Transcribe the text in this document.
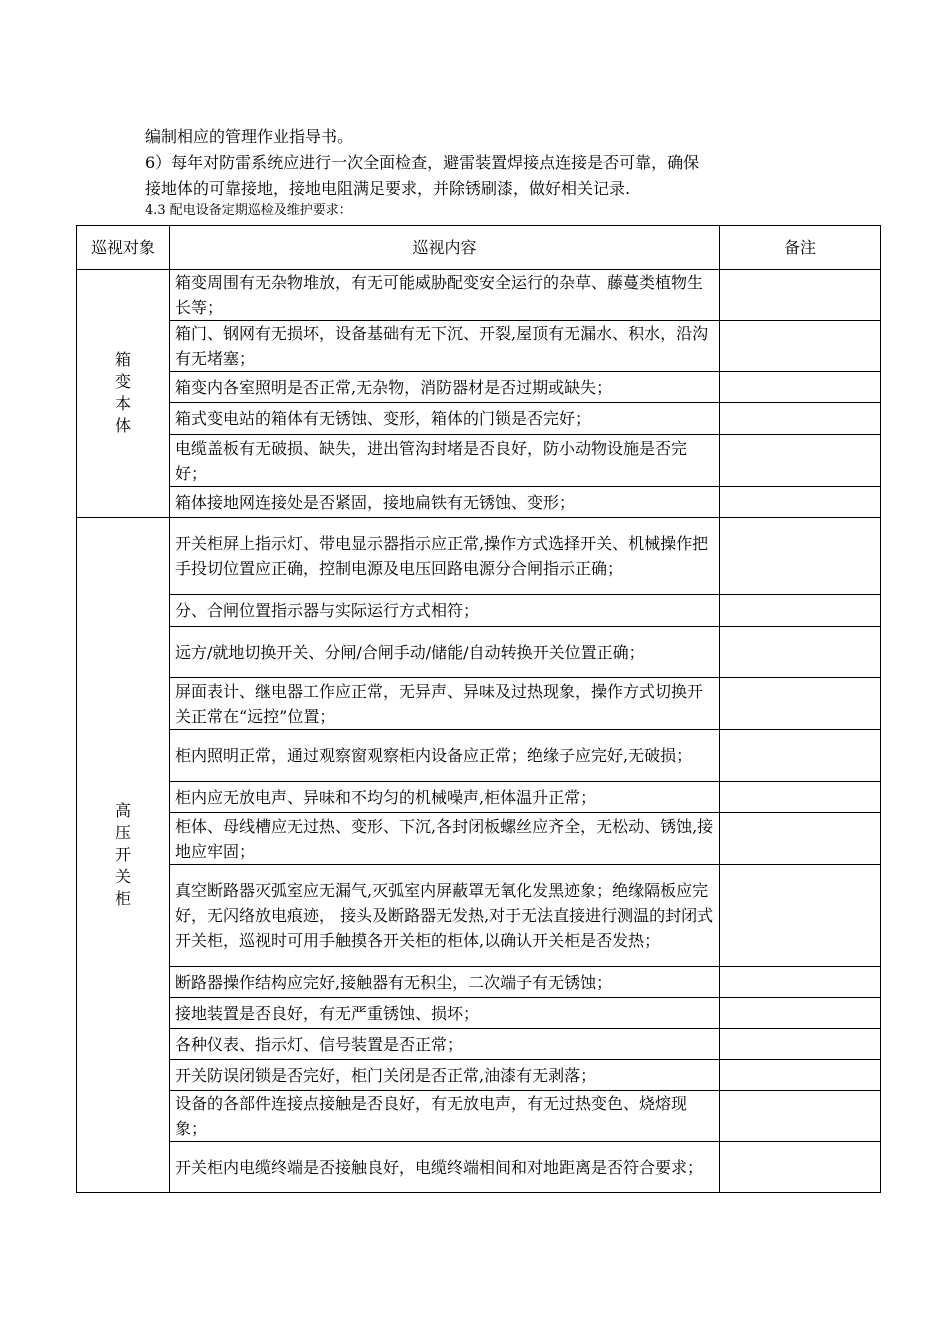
编制相应的管理作业指导书。

6）每年对防雷系统应进行一次全面检查，避雷装置焊接点连接是否可靠，确保

接地体的可靠接地，接地电阻满足要求，并除锈刷漆，做好相关记录.

4.3 配电设备定期巡检及维护要求：

巡视对象	巡视内容	备注
箱变本体	箱变周围有无杂物堆放，有无可能威胁配变安全运行的杂草、藤蔓类植物生长等；	
	箱门、钢网有无损坏，设备基础有无下沉、开裂,屋顶有无漏水、积水，沿沟有无堵塞；	
	箱变内各室照明是否正常,无杂物，消防器材是否过期或缺失；	
	箱式变电站的箱体有无锈蚀、变形，箱体的门锁是否完好；	
	电缆盖板有无破损、缺失，进出管沟封堵是否良好，防小动物设施是否完好；	
	箱体接地网连接处是否紧固，接地扁铁有无锈蚀、变形；	
高压开关柜	开关柜屏上指示灯、带电显示器指示应正常,操作方式选择开关、机械操作把手投切位置应正确，控制电源及电压回路电源分合闸指示正确；	
	分、合闸位置指示器与实际运行方式相符；	
	远方/就地切换开关、分闸/合闸手动/储能/自动转换开关位置正确；	
	屏面表计、继电器工作应正常，无异声、异味及过热现象，操作方式切换开关正常在“远控”位置；	
	柜内照明正常，通过观察窗观察柜内设备应正常；绝缘子应完好,无破损；	
	柜内应无放电声、异味和不均匀的机械噪声,柜体温升正常；	
	柜体、母线槽应无过热、变形、下沉,各封闭板螺丝应齐全，无松动、锈蚀,接地应牢固；	
	真空断路器灭弧室应无漏气,灭弧室内屏蔽罩无氧化发黑迹象；绝缘隔板应完好，无闪络放电痕迹， 接头及断路器无发热,对于无法直接进行测温的封闭式开关柜，巡视时可用手触摸各开关柜的柜体,以确认开关柜是否发热；	
	断路器操作结构应完好,接触器有无积尘，二次端子有无锈蚀；	
	接地装置是否良好，有无严重锈蚀、损坏；	
	各种仪表、指示灯、信号装置是否正常；	
	开关防误闭锁是否完好，柜门关闭是否正常,油漆有无剥落；	
	设备的各部件连接点接触是否良好，有无放电声，有无过热变色、烧熔现象；	
	开关柜内电缆终端是否接触良好，电缆终端相间和对地距离是否符合要求；	
